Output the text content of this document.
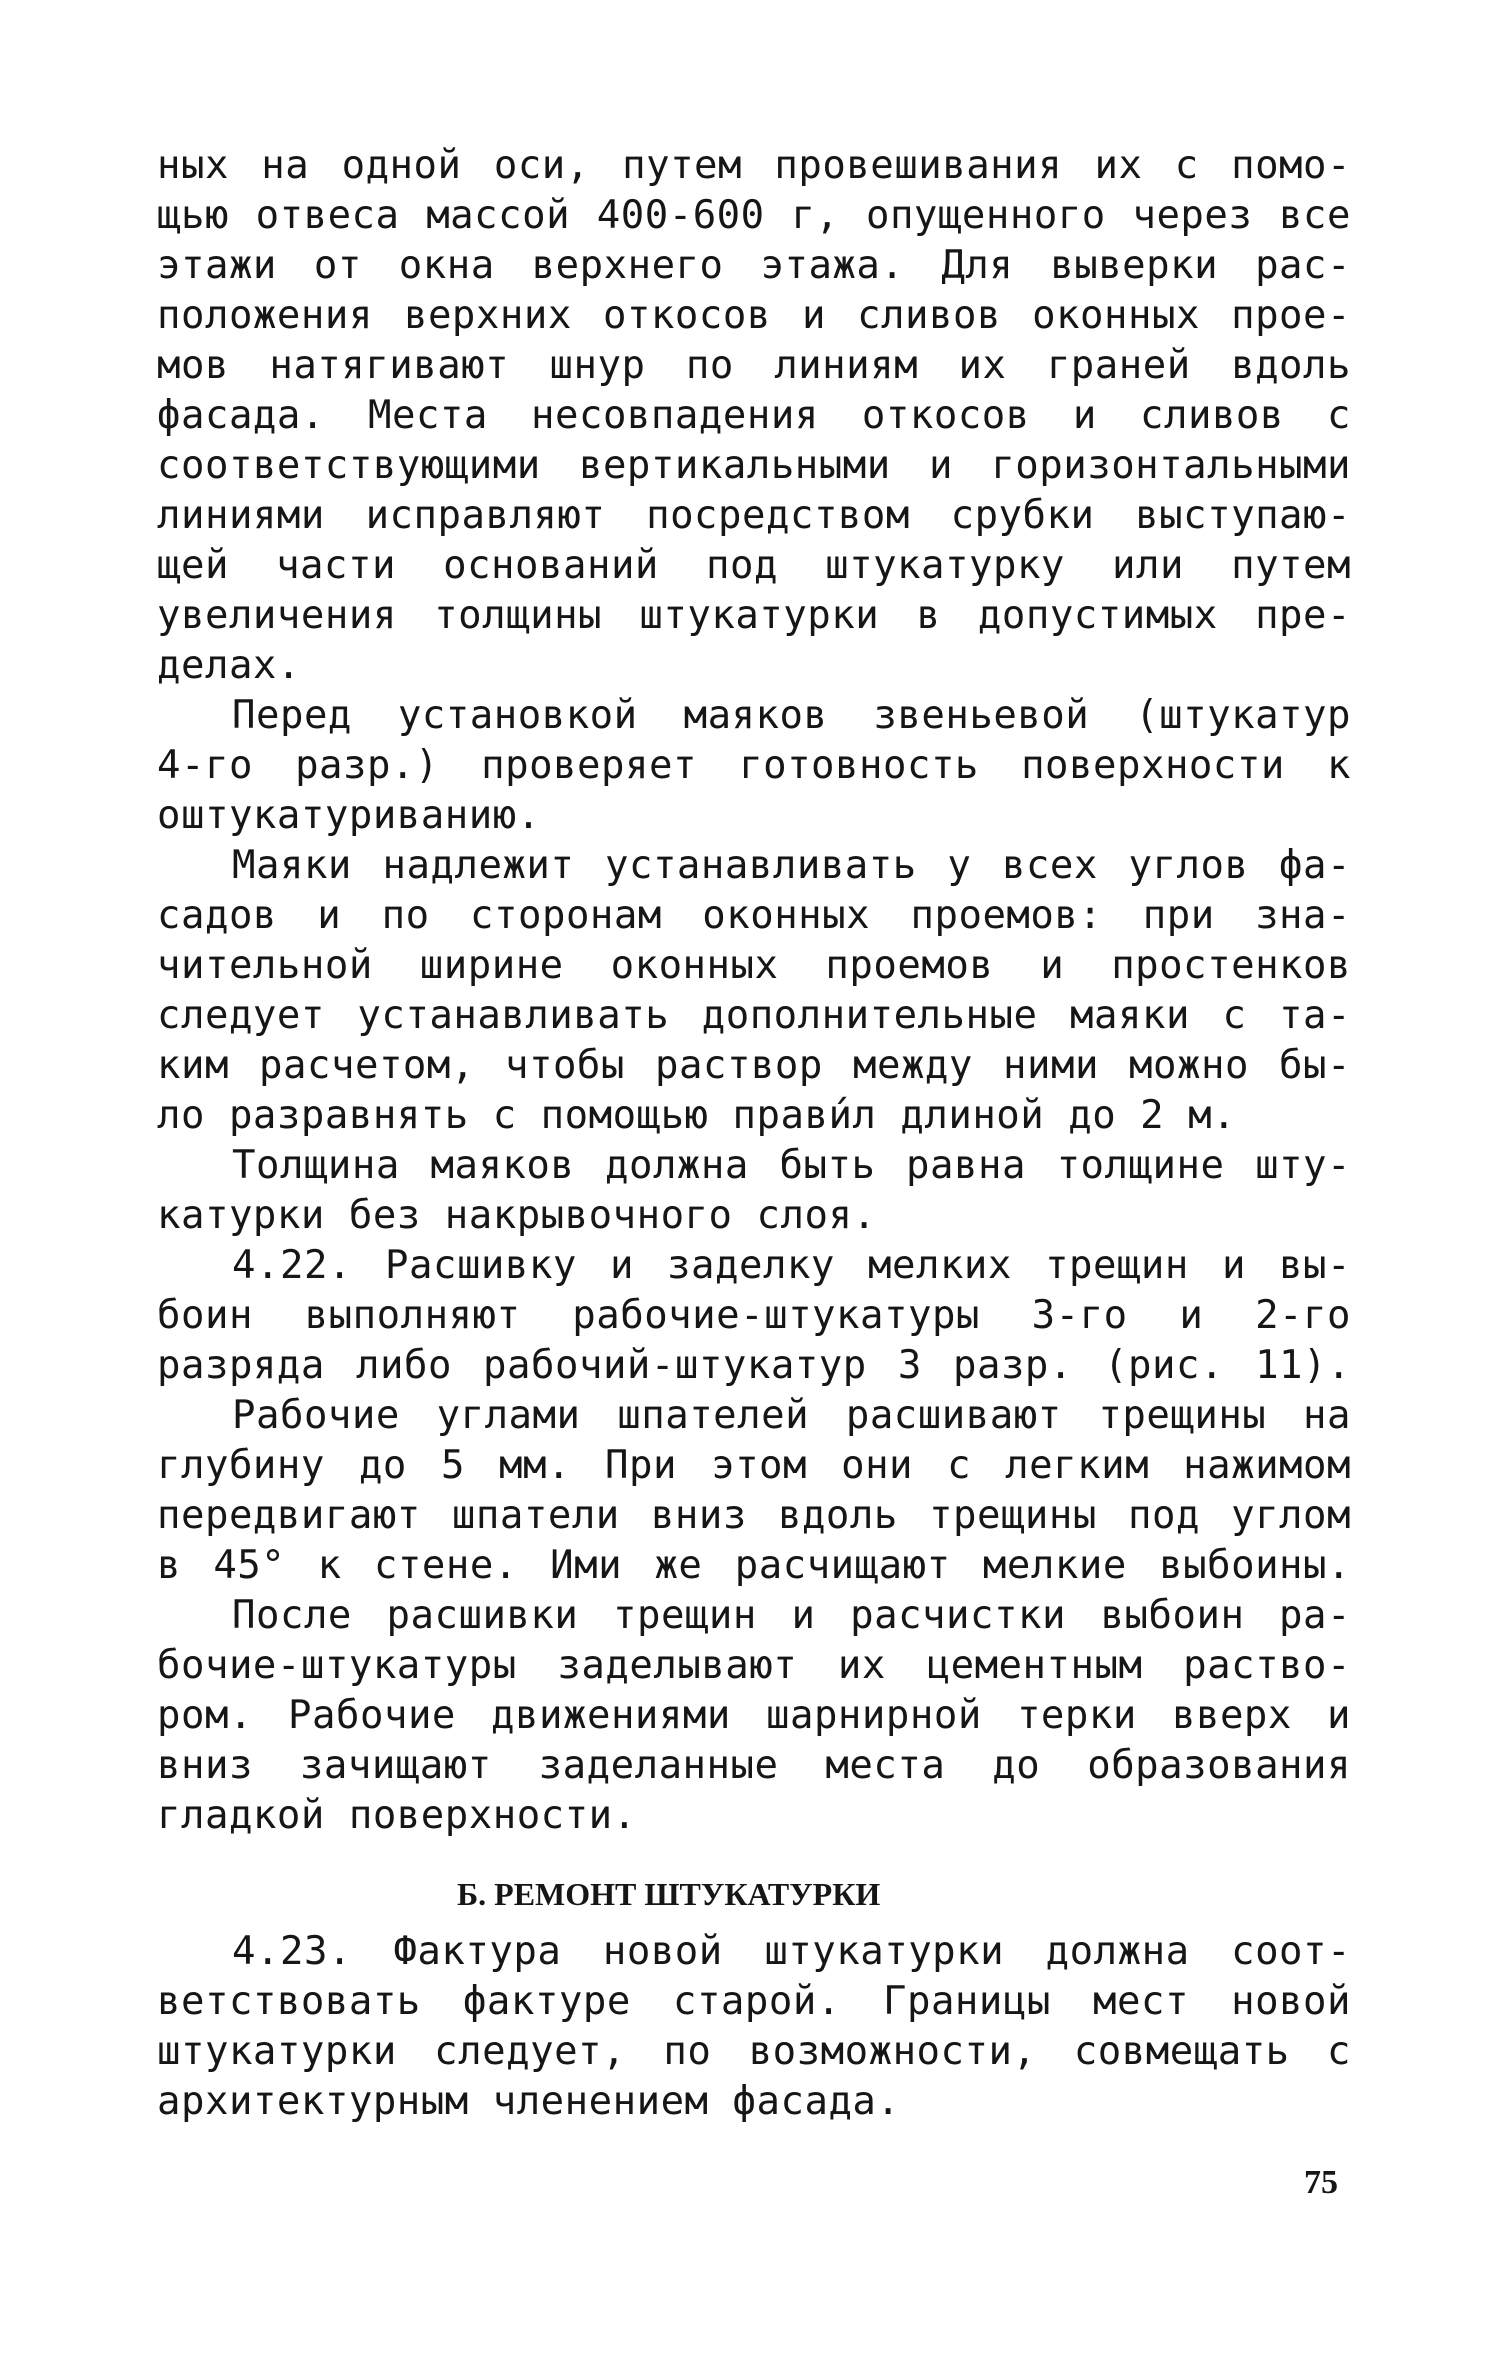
ных на одной оси, путем провешивания их с помо-
щью отвеса массой 400-600 г, опущенного через все
этажи от окна верхнего этажа. Для выверки рас-
положения верхних откосов и сливов оконных прое-
мов натягивают шнур по линиям их граней вдоль
фасада. Места несовпадения откосов и сливов с
соответствующими вертикальными и горизонтальными
линиями исправляют посредством срубки выступаю-
щей части оснований под штукатурку или путем
увеличения толщины штукатурки в допустимых пре-
делах.
Перед установкой маяков звеньевой (штукатур
4-го разр.) проверяет готовность поверхности к
оштукатуриванию.
Маяки надлежит устанавливать у всех углов фа-
садов и по сторонам оконных проемов: при зна-
чительной ширине оконных проемов и простенков
следует устанавливать дополнительные маяки с та-
ким расчетом, чтобы раствор между ними можно бы-
ло разравнять с помощью прави́л длиной до 2 м.
Толщина маяков должна быть равна толщине шту-
катурки без накрывочного слоя.
4.22. Расшивку и заделку мелких трещин и вы-
боин выполняют рабочие-штукатуры 3-го и 2-го
разряда либо рабочий-штукатур 3 разр. (рис. 11).
Рабочие углами шпателей расшивают трещины на
глубину до 5 мм. При этом они с легким нажимом
передвигают шпатели вниз вдоль трещины под углом
в 45° к стене. Ими же расчищают мелкие выбоины.
После расшивки трещин и расчистки выбоин ра-
бочие-штукатуры заделывают их цементным раство-
ром. Рабочие движениями шарнирной терки вверх и
вниз зачищают заделанные места до образования
гладкой поверхности.
Б. РЕМОНТ ШТУКАТУРКИ
4.23. Фактура новой штукатурки должна соот-
ветствовать фактуре старой. Границы мест новой
штукатурки следует, по возможности, совмещать с
архитектурным членением фасада.
75
